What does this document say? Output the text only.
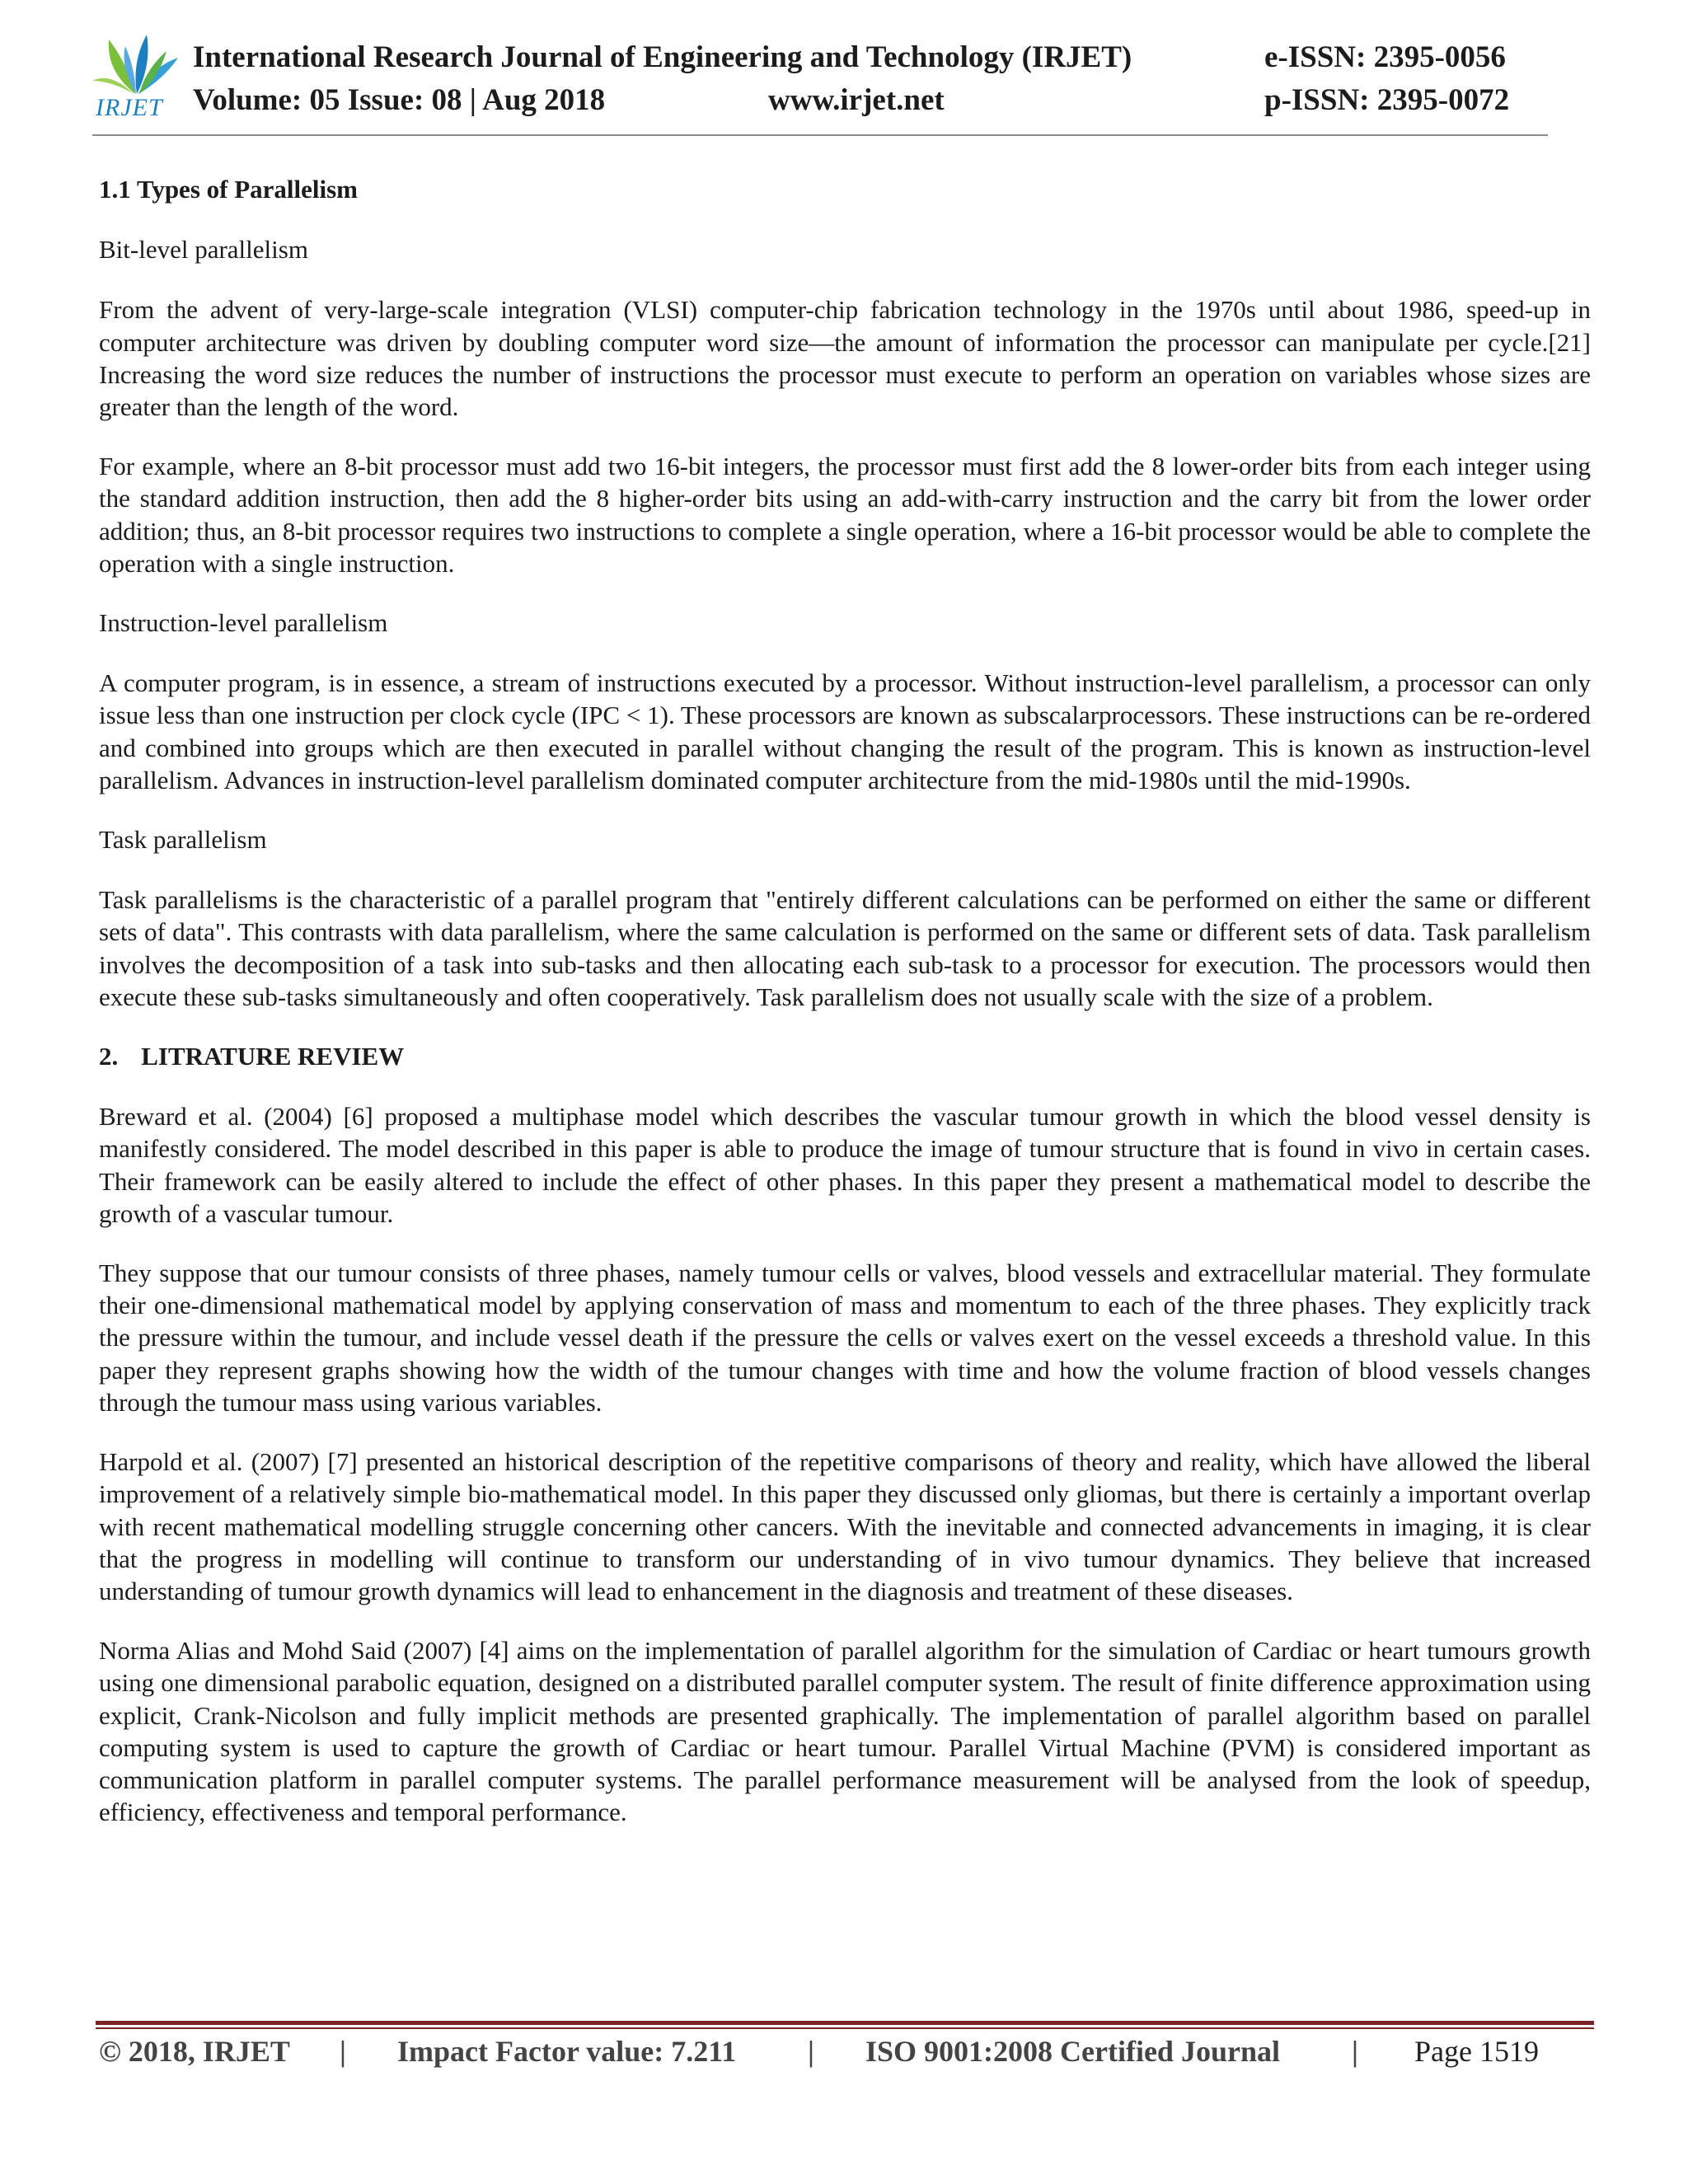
IRJET
International Research Journal of Engineering and Technology (IRJET)	e-ISSN: 2395-0056
Volume: 05 Issue: 08 | Aug 2018	www.irjet.net	p-ISSN: 2395-0072

1.1 Types of Parallelism

Bit-level parallelism

From the advent of very-large-scale integration (VLSI) computer-chip fabrication technology in the 1970s until about 1986, speed-up in computer architecture was driven by doubling computer word size—the amount of information the processor can manipulate per cycle.[21] Increasing the word size reduces the number of instructions the processor must execute to perform an operation on variables whose sizes are greater than the length of the word.

For example, where an 8-bit processor must add two 16-bit integers, the processor must first add the 8 lower-order bits from each integer using the standard addition instruction, then add the 8 higher-order bits using an add-with-carry instruction and the carry bit from the lower order addition; thus, an 8-bit processor requires two instructions to complete a single operation, where a 16-bit processor would be able to complete the operation with a single instruction.

Instruction-level parallelism

A computer program, is in essence, a stream of instructions executed by a processor. Without instruction-level parallelism, a processor can only issue less than one instruction per clock cycle (IPC < 1). These processors are known as subscalarprocessors. These instructions can be re-ordered and combined into groups which are then executed in parallel without changing the result of the program. This is known as instruction-level parallelism. Advances in instruction-level parallelism dominated computer architecture from the mid-1980s until the mid-1990s.

Task parallelism

Task parallelisms is the characteristic of a parallel program that "entirely different calculations can be performed on either the same or different sets of data". This contrasts with data parallelism, where the same calculation is performed on the same or different sets of data. Task parallelism involves the decomposition of a task into sub-tasks and then allocating each sub-task to a processor for execution. The processors would then execute these sub-tasks simultaneously and often cooperatively. Task parallelism does not usually scale with the size of a problem.

2. LITRATURE REVIEW

Breward et al. (2004) [6] proposed a multiphase model which describes the vascular tumour growth in which the blood vessel density is manifestly considered. The model described in this paper is able to produce the image of tumour structure that is found in vivo in certain cases. Their framework can be easily altered to include the effect of other phases. In this paper they present a mathematical model to describe the growth of a vascular tumour.

They suppose that our tumour consists of three phases, namely tumour cells or valves, blood vessels and extracellular material. They formulate their one-dimensional mathematical model by applying conservation of mass and momentum to each of the three phases. They explicitly track the pressure within the tumour, and include vessel death if the pressure the cells or valves exert on the vessel exceeds a threshold value. In this paper they represent graphs showing how the width of the tumour changes with time and how the volume fraction of blood vessels changes through the tumour mass using various variables.

Harpold et al. (2007) [7] presented an historical description of the repetitive comparisons of theory and reality, which have allowed the liberal improvement of a relatively simple bio-mathematical model. In this paper they discussed only gliomas, but there is certainly a important overlap with recent mathematical modelling struggle concerning other cancers. With the inevitable and connected advancements in imaging, it is clear that the progress in modelling will continue to transform our understanding of in vivo tumour dynamics. They believe that increased understanding of tumour growth dynamics will lead to enhancement in the diagnosis and treatment of these diseases.

Norma Alias and Mohd Said (2007) [4] aims on the implementation of parallel algorithm for the simulation of Cardiac or heart tumours growth using one dimensional parabolic equation, designed on a distributed parallel computer system. The result of finite difference approximation using explicit, Crank-Nicolson and fully implicit methods are presented graphically. The implementation of parallel algorithm based on parallel computing system is used to capture the growth of Cardiac or heart tumour. Parallel Virtual Machine (PVM) is considered important as communication platform in parallel computer systems. The parallel performance measurement will be analysed from the look of speedup, efficiency, effectiveness and temporal performance.

© 2018, IRJET | Impact Factor value: 7.211 | ISO 9001:2008 Certified Journal | Page 1519
